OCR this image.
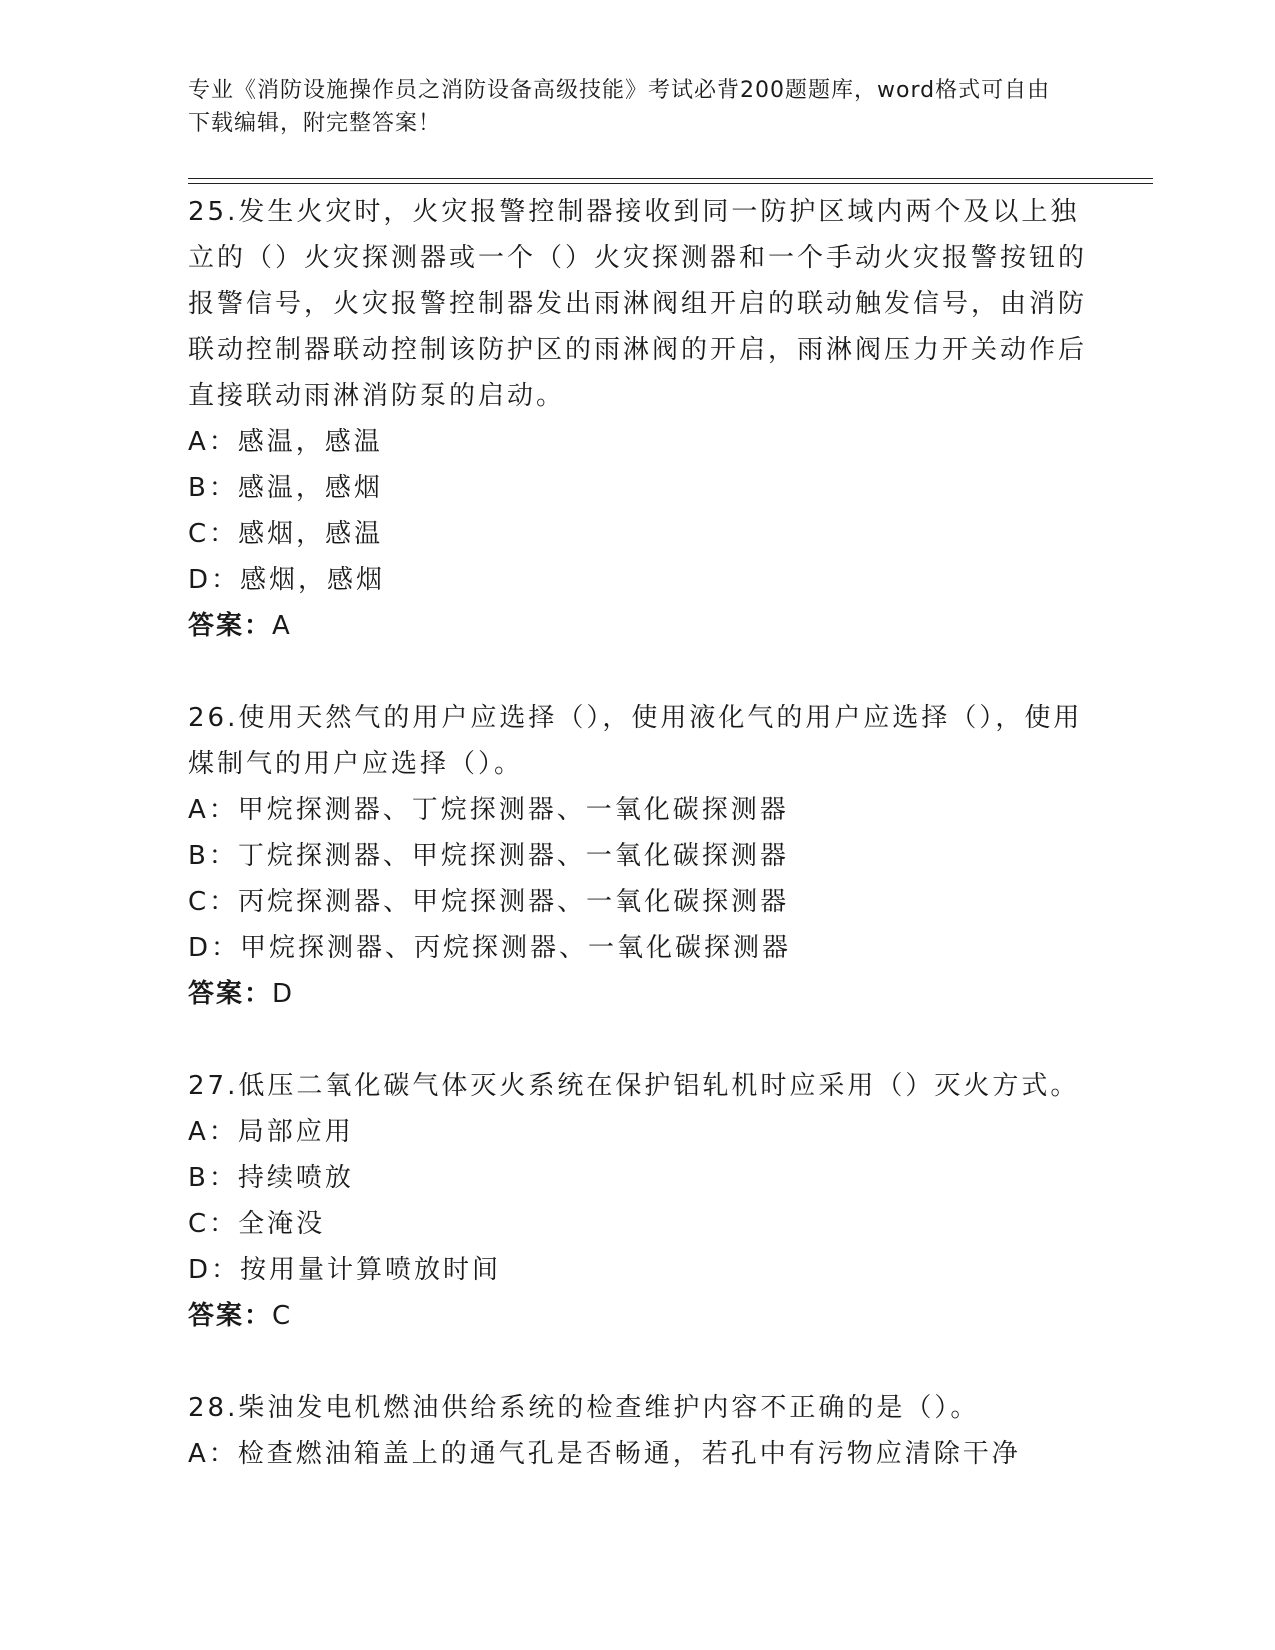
专业《消防设施操作员之消防设备高级技能》考试必背200题题库，word格式可自由下载编辑，附完整答案！

25.发生火灾时，火灾报警控制器接收到同一防护区域内两个及以上独立的（）火灾探测器或一个（）火灾探测器和一个手动火灾报警按钮的报警信号，火灾报警控制器发出雨淋阀组开启的联动触发信号，由消防联动控制器联动控制该防护区的雨淋阀的开启，雨淋阀压力开关动作后直接联动雨淋消防泵的启动。

A：感温，感温

B：感温，感烟

C：感烟，感温

D：感烟，感烟

答案：A

26.使用天然气的用户应选择（），使用液化气的用户应选择（），使用煤制气的用户应选择（）。

A：甲烷探测器、丁烷探测器、一氧化碳探测器

B：丁烷探测器、甲烷探测器、一氧化碳探测器

C：丙烷探测器、甲烷探测器、一氧化碳探测器

D：甲烷探测器、丙烷探测器、一氧化碳探测器

答案：D

27.低压二氧化碳气体灭火系统在保护铝轧机时应采用（）灭火方式。

A：局部应用

B：持续喷放

C：全淹没

D：按用量计算喷放时间

答案：C

28.柴油发电机燃油供给系统的检查维护内容不正确的是（）。

A：检查燃油箱盖上的通气孔是否畅通，若孔中有污物应清除干净
